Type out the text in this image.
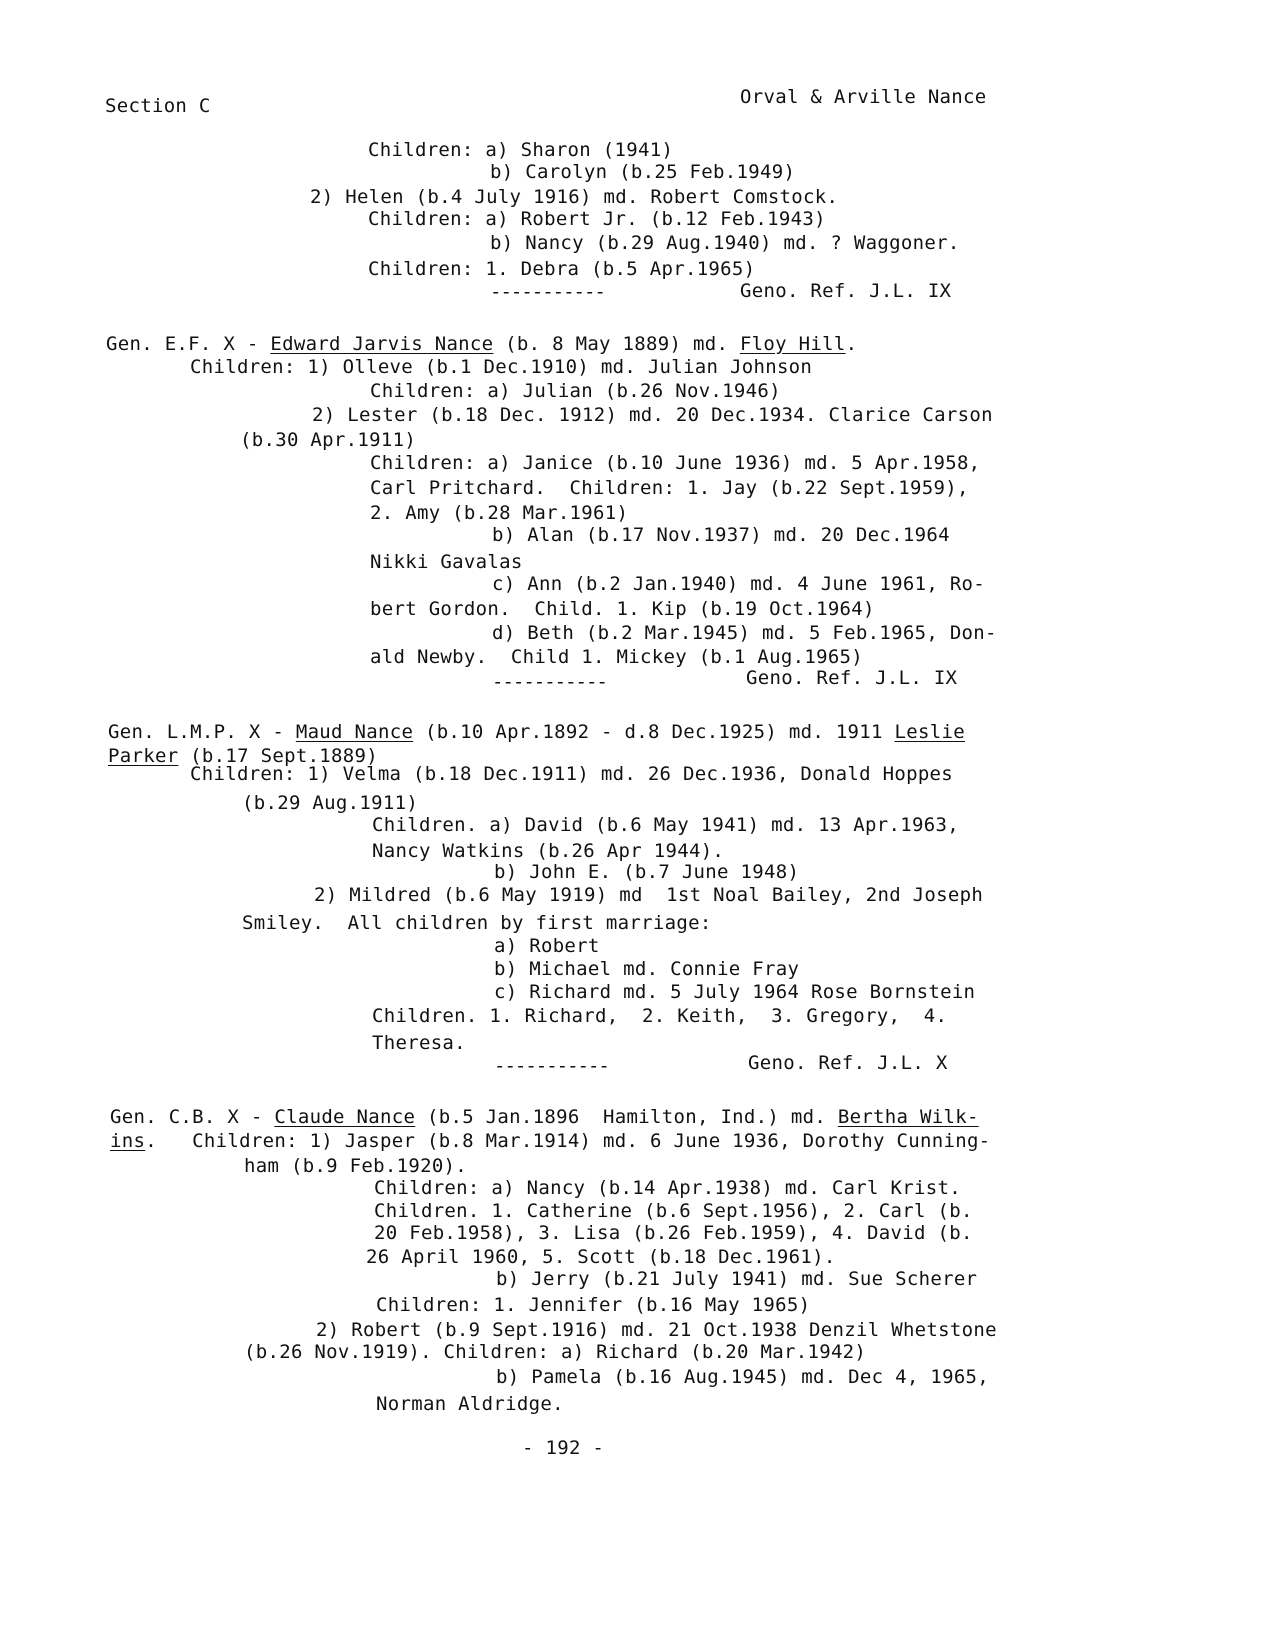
Section C	Orval & Arville Nance
Children: a) Sharon (1941)
b) Carolyn (b.25 Feb.1949)
2) Helen (b.4 July 1916) md. Robert Comstock.
Children: a) Robert Jr. (b.12 Feb.1943)
b) Nancy (b.29 Aug.1940) md. ? Waggoner.
Children: 1. Debra (b.5 Apr.1965)
-----------	Geno. Ref. J.L. IX
Gen. E.F. X - Edward Jarvis Nance (b. 8 May 1889) md. Floy Hill.
Children: 1) Olleve (b.1 Dec.1910) md. Julian Johnson
Children: a) Julian (b.26 Nov.1946)
2) Lester (b.18 Dec. 1912) md. 20 Dec.1934. Clarice Carson
(b.30 Apr.1911)
Children: a) Janice (b.10 June 1936) md. 5 Apr.1958,
Carl Pritchard.  Children: 1. Jay (b.22 Sept.1959),
2. Amy (b.28 Mar.1961)
b) Alan (b.17 Nov.1937) md. 20 Dec.1964
Nikki Gavalas
c) Ann (b.2 Jan.1940) md. 4 June 1961, Ro-
bert Gordon.  Child. 1. Kip (b.19 Oct.1964)
d) Beth (b.2 Mar.1945) md. 5 Feb.1965, Don-
ald Newby.  Child 1. Mickey (b.1 Aug.1965)
-----------	Geno. Ref. J.L. IX
Gen. L.M.P. X - Maud Nance (b.10 Apr.1892 - d.8 Dec.1925) md. 1911 Leslie
Parker (b.17 Sept.1889)
Children: 1) Velma (b.18 Dec.1911) md. 26 Dec.1936, Donald Hoppes
(b.29 Aug.1911)
Children. a) David (b.6 May 1941) md. 13 Apr.1963,
Nancy Watkins (b.26 Apr 1944).
b) John E. (b.7 June 1948)
2) Mildred (b.6 May 1919) md  1st Noal Bailey, 2nd Joseph
Smiley.  All children by first marriage:
a) Robert
b) Michael md. Connie Fray
c) Richard md. 5 July 1964 Rose Bornstein
Children. 1. Richard,  2. Keith,  3. Gregory,  4.
Theresa.
-----------	Geno. Ref. J.L. X
Gen. C.B. X - Claude Nance (b.5 Jan.1896  Hamilton, Ind.) md. Bertha Wilk-
ins.   Children: 1) Jasper (b.8 Mar.1914) md. 6 June 1936, Dorothy Cunning-
ham (b.9 Feb.1920).
Children: a) Nancy (b.14 Apr.1938) md. Carl Krist.
Children. 1. Catherine (b.6 Sept.1956), 2. Carl (b.
20 Feb.1958), 3. Lisa (b.26 Feb.1959), 4. David (b.
26 April 1960, 5. Scott (b.18 Dec.1961).
b) Jerry (b.21 July 1941) md. Sue Scherer
Children: 1. Jennifer (b.16 May 1965)
2) Robert (b.9 Sept.1916) md. 21 Oct.1938 Denzil Whetstone
(b.26 Nov.1919). Children: a) Richard (b.20 Mar.1942)
b) Pamela (b.16 Aug.1945) md. Dec 4, 1965,
Norman Aldridge.
- 192 -
